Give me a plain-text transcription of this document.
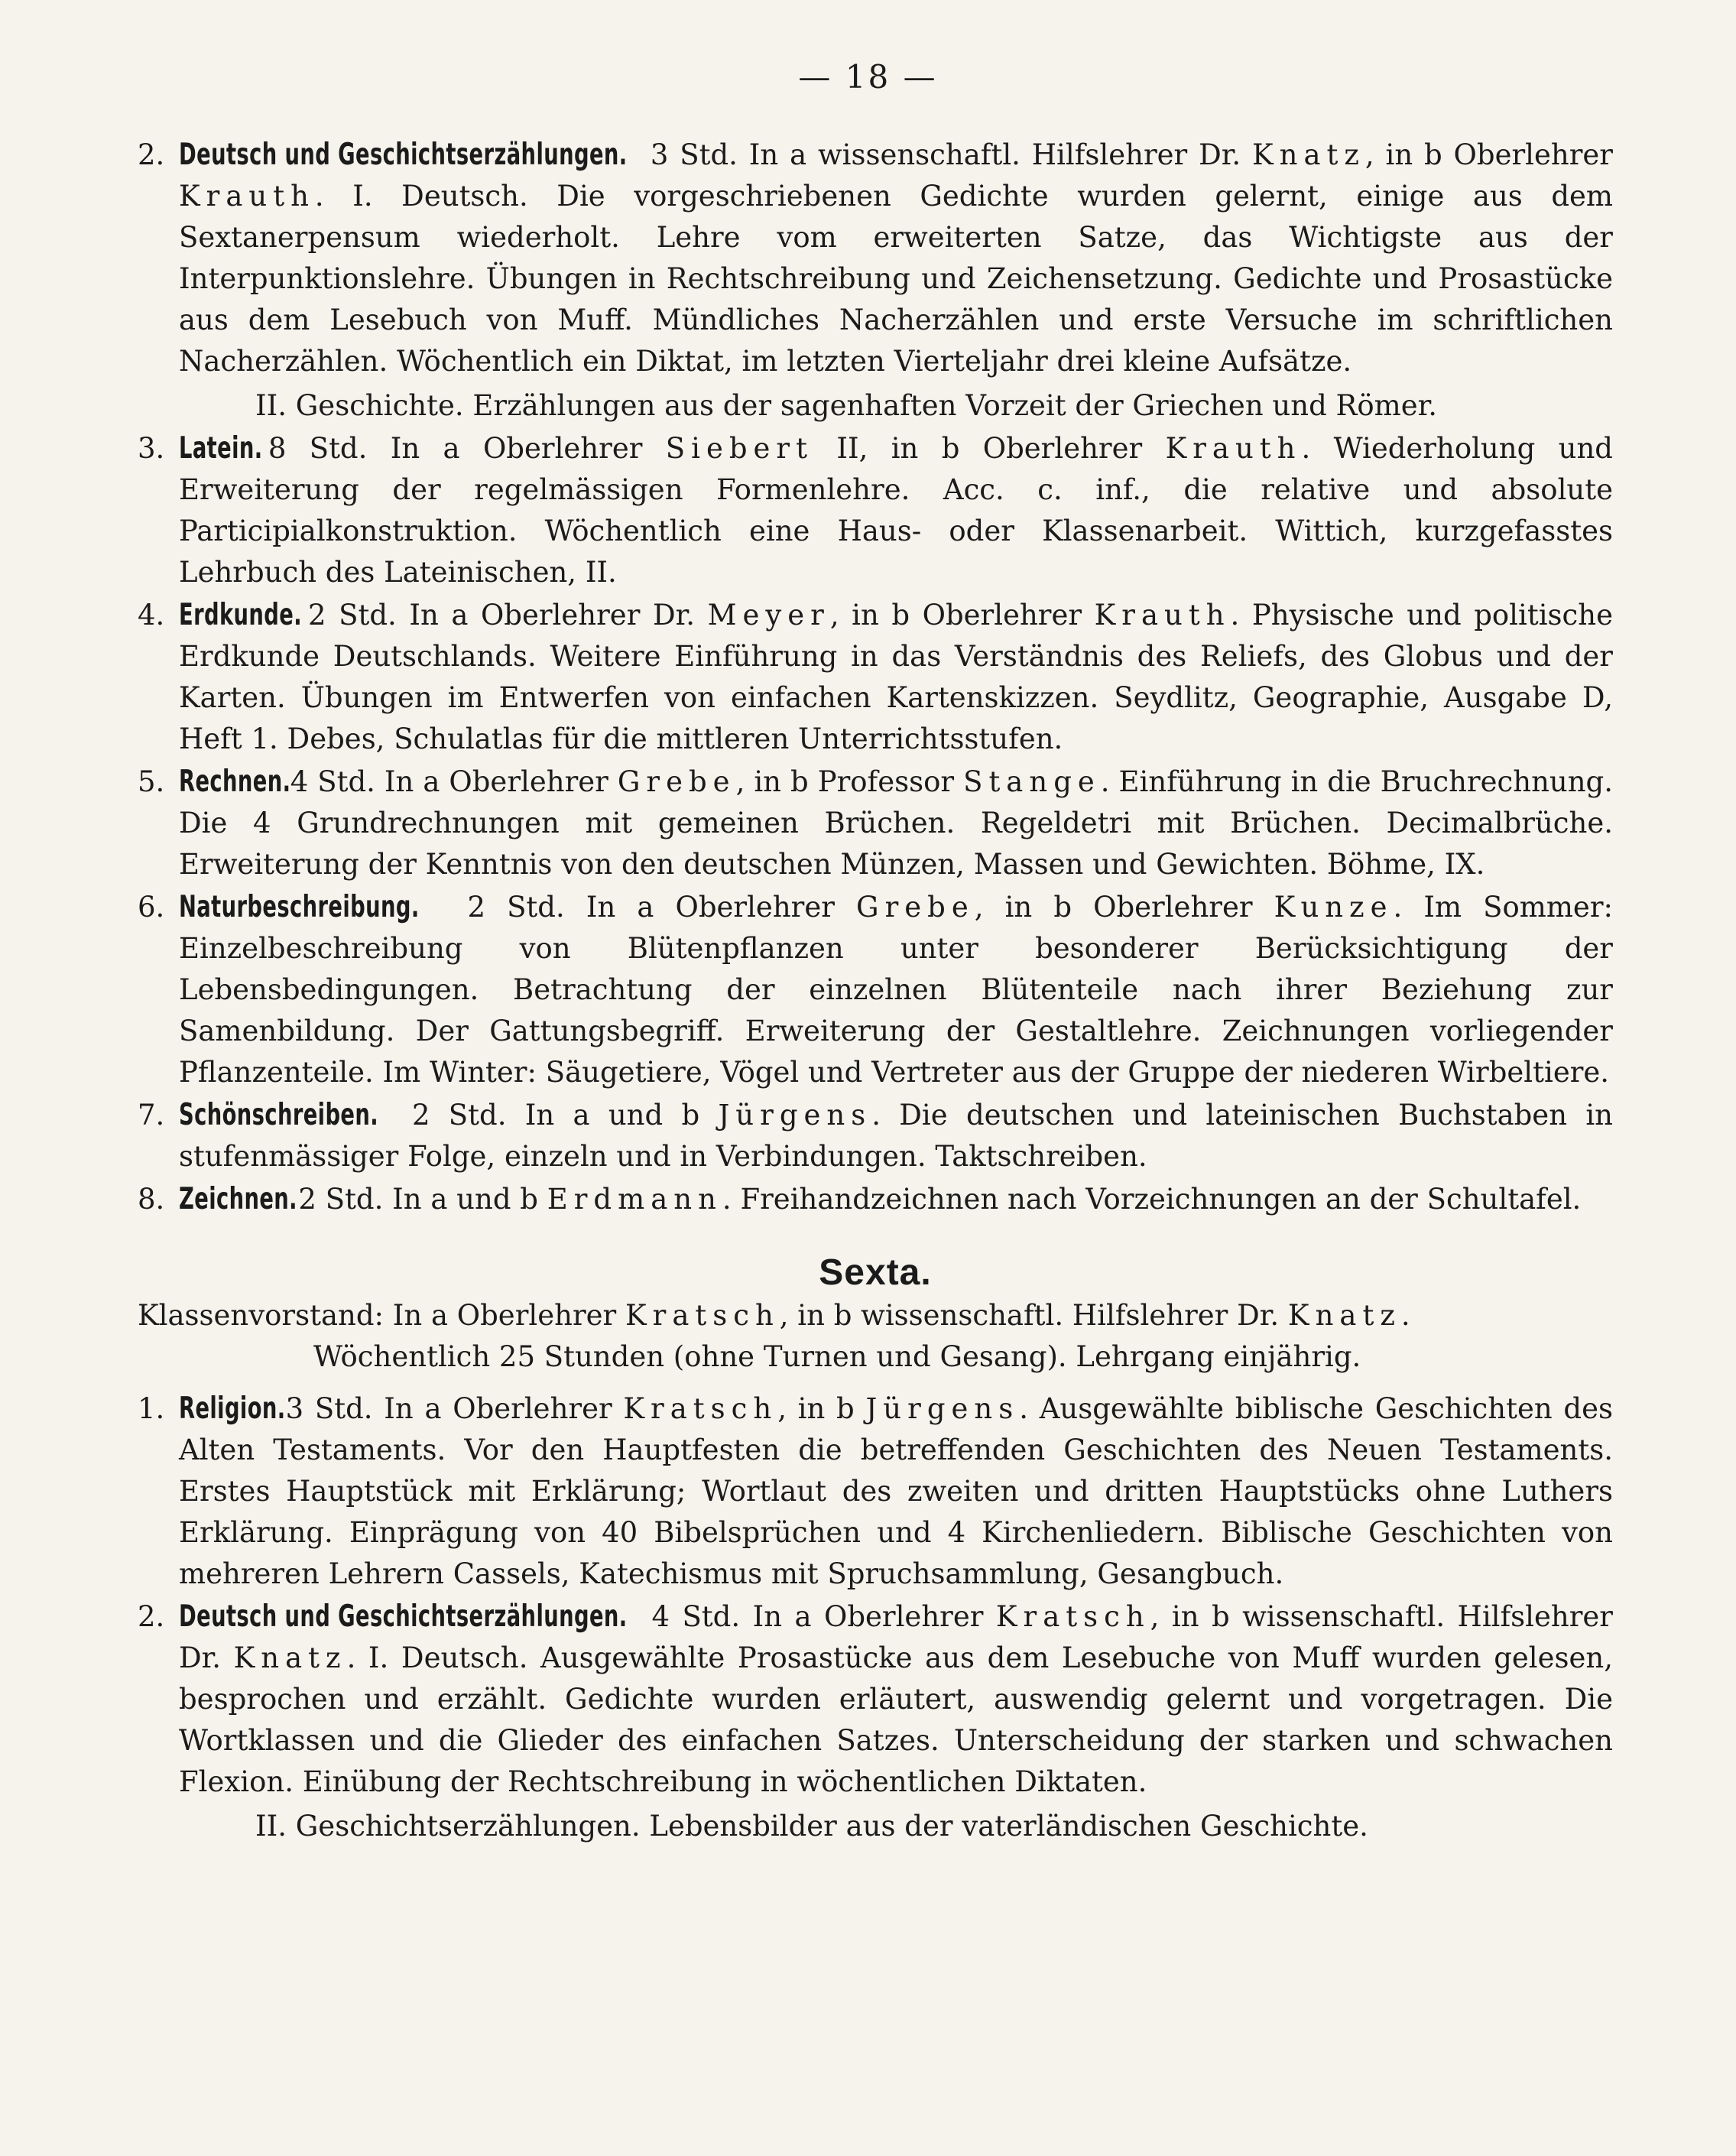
— 18 —
2. Deutsch und Geschichtserzählungen. 3 Std. In a wissenschaftl. Hilfslehrer Dr. Knatz, in b Oberlehrer Krauth. I. Deutsch. Die vorgeschriebenen Gedichte wurden gelernt, einige aus dem Sextanerpensum wiederholt. Lehre vom erweiterten Satze, das Wichtigste aus der Interpunktionslehre. Übungen in Rechtschreibung und Zeichensetzung. Gedichte und Prosastücke aus dem Lesebuch von Muff. Mündliches Nacherzählen und erste Versuche im schriftlichen Nacherzählen. Wöchentlich ein Diktat, im letzten Vierteljahr drei kleine Aufsätze.
II. Geschichte. Erzählungen aus der sagenhaften Vorzeit der Griechen und Römer.
3. Latein. 8 Std. In a Oberlehrer Siebert II, in b Oberlehrer Krauth. Wiederholung und Erweiterung der regelmässigen Formenlehre. Acc. c. inf., die relative und absolute Participialkonstruktion. Wöchentlich eine Haus- oder Klassenarbeit. Wittich, kurzgefasstes Lehrbuch des Lateinischen, II.
4. Erdkunde. 2 Std. In a Oberlehrer Dr. Meyer, in b Oberlehrer Krauth. Physische und politische Erdkunde Deutschlands. Weitere Einführung in das Verständnis des Reliefs, des Globus und der Karten. Übungen im Entwerfen von einfachen Kartenskizzen. Seydlitz, Geographie, Ausgabe D, Heft 1. Debes, Schulatlas für die mittleren Unterrichtsstufen.
5. Rechnen. 4 Std. In a Oberlehrer Grebe, in b Professor Stange. Einführung in die Bruchrechnung. Die 4 Grundrechnungen mit gemeinen Brüchen. Regeldetri mit Brüchen. Decimalbrüche. Erweiterung der Kenntnis von den deutschen Münzen, Massen und Gewichten. Böhme, IX.
6. Naturbeschreibung. 2 Std. In a Oberlehrer Grebe, in b Oberlehrer Kunze. Im Sommer: Einzelbeschreibung von Blütenpflanzen unter besonderer Berücksichtigung der Lebensbedingungen. Betrachtung der einzelnen Blütenteile nach ihrer Beziehung zur Samenbildung. Der Gattungsbegriff. Erweiterung der Gestaltlehre. Zeichnungen vorliegender Pflanzenteile. Im Winter: Säugetiere, Vögel und Vertreter aus der Gruppe der niederen Wirbeltiere.
7. Schönschreiben. 2 Std. In a und b Jürgens. Die deutschen und lateinischen Buchstaben in stufenmässiger Folge, einzeln und in Verbindungen. Taktschreiben.
8. Zeichnen. 2 Std. In a und b Erdmann. Freihandzeichnen nach Vorzeichnungen an der Schultafel.
Sexta.
Klassenvorstand: In a Oberlehrer Kratsch, in b wissenschaftl. Hilfslehrer Dr. Knatz.
Wöchentlich 25 Stunden (ohne Turnen und Gesang). Lehrgang einjährig.
1. Religion. 3 Std. In a Oberlehrer Kratsch, in b Jürgens. Ausgewählte biblische Geschichten des Alten Testaments. Vor den Hauptfesten die betreffenden Geschichten des Neuen Testaments. Erstes Hauptstück mit Erklärung; Wortlaut des zweiten und dritten Hauptstücks ohne Luthers Erklärung. Einprägung von 40 Bibelsprüchen und 4 Kirchenliedern. Biblische Geschichten von mehreren Lehrern Cassels, Katechismus mit Spruchsammlung, Gesangbuch.
2. Deutsch und Geschichtserzählungen. 4 Std. In a Oberlehrer Kratsch, in b wissenschaftl. Hilfslehrer Dr. Knatz. I. Deutsch. Ausgewählte Prosastücke aus dem Lesebuche von Muff wurden gelesen, besprochen und erzählt. Gedichte wurden erläutert, auswendig gelernt und vorgetragen. Die Wortklassen und die Glieder des einfachen Satzes. Unterscheidung der starken und schwachen Flexion. Einübung der Rechtschreibung in wöchentlichen Diktaten.
II. Geschichtserzählungen. Lebensbilder aus der vaterländischen Geschichte.
